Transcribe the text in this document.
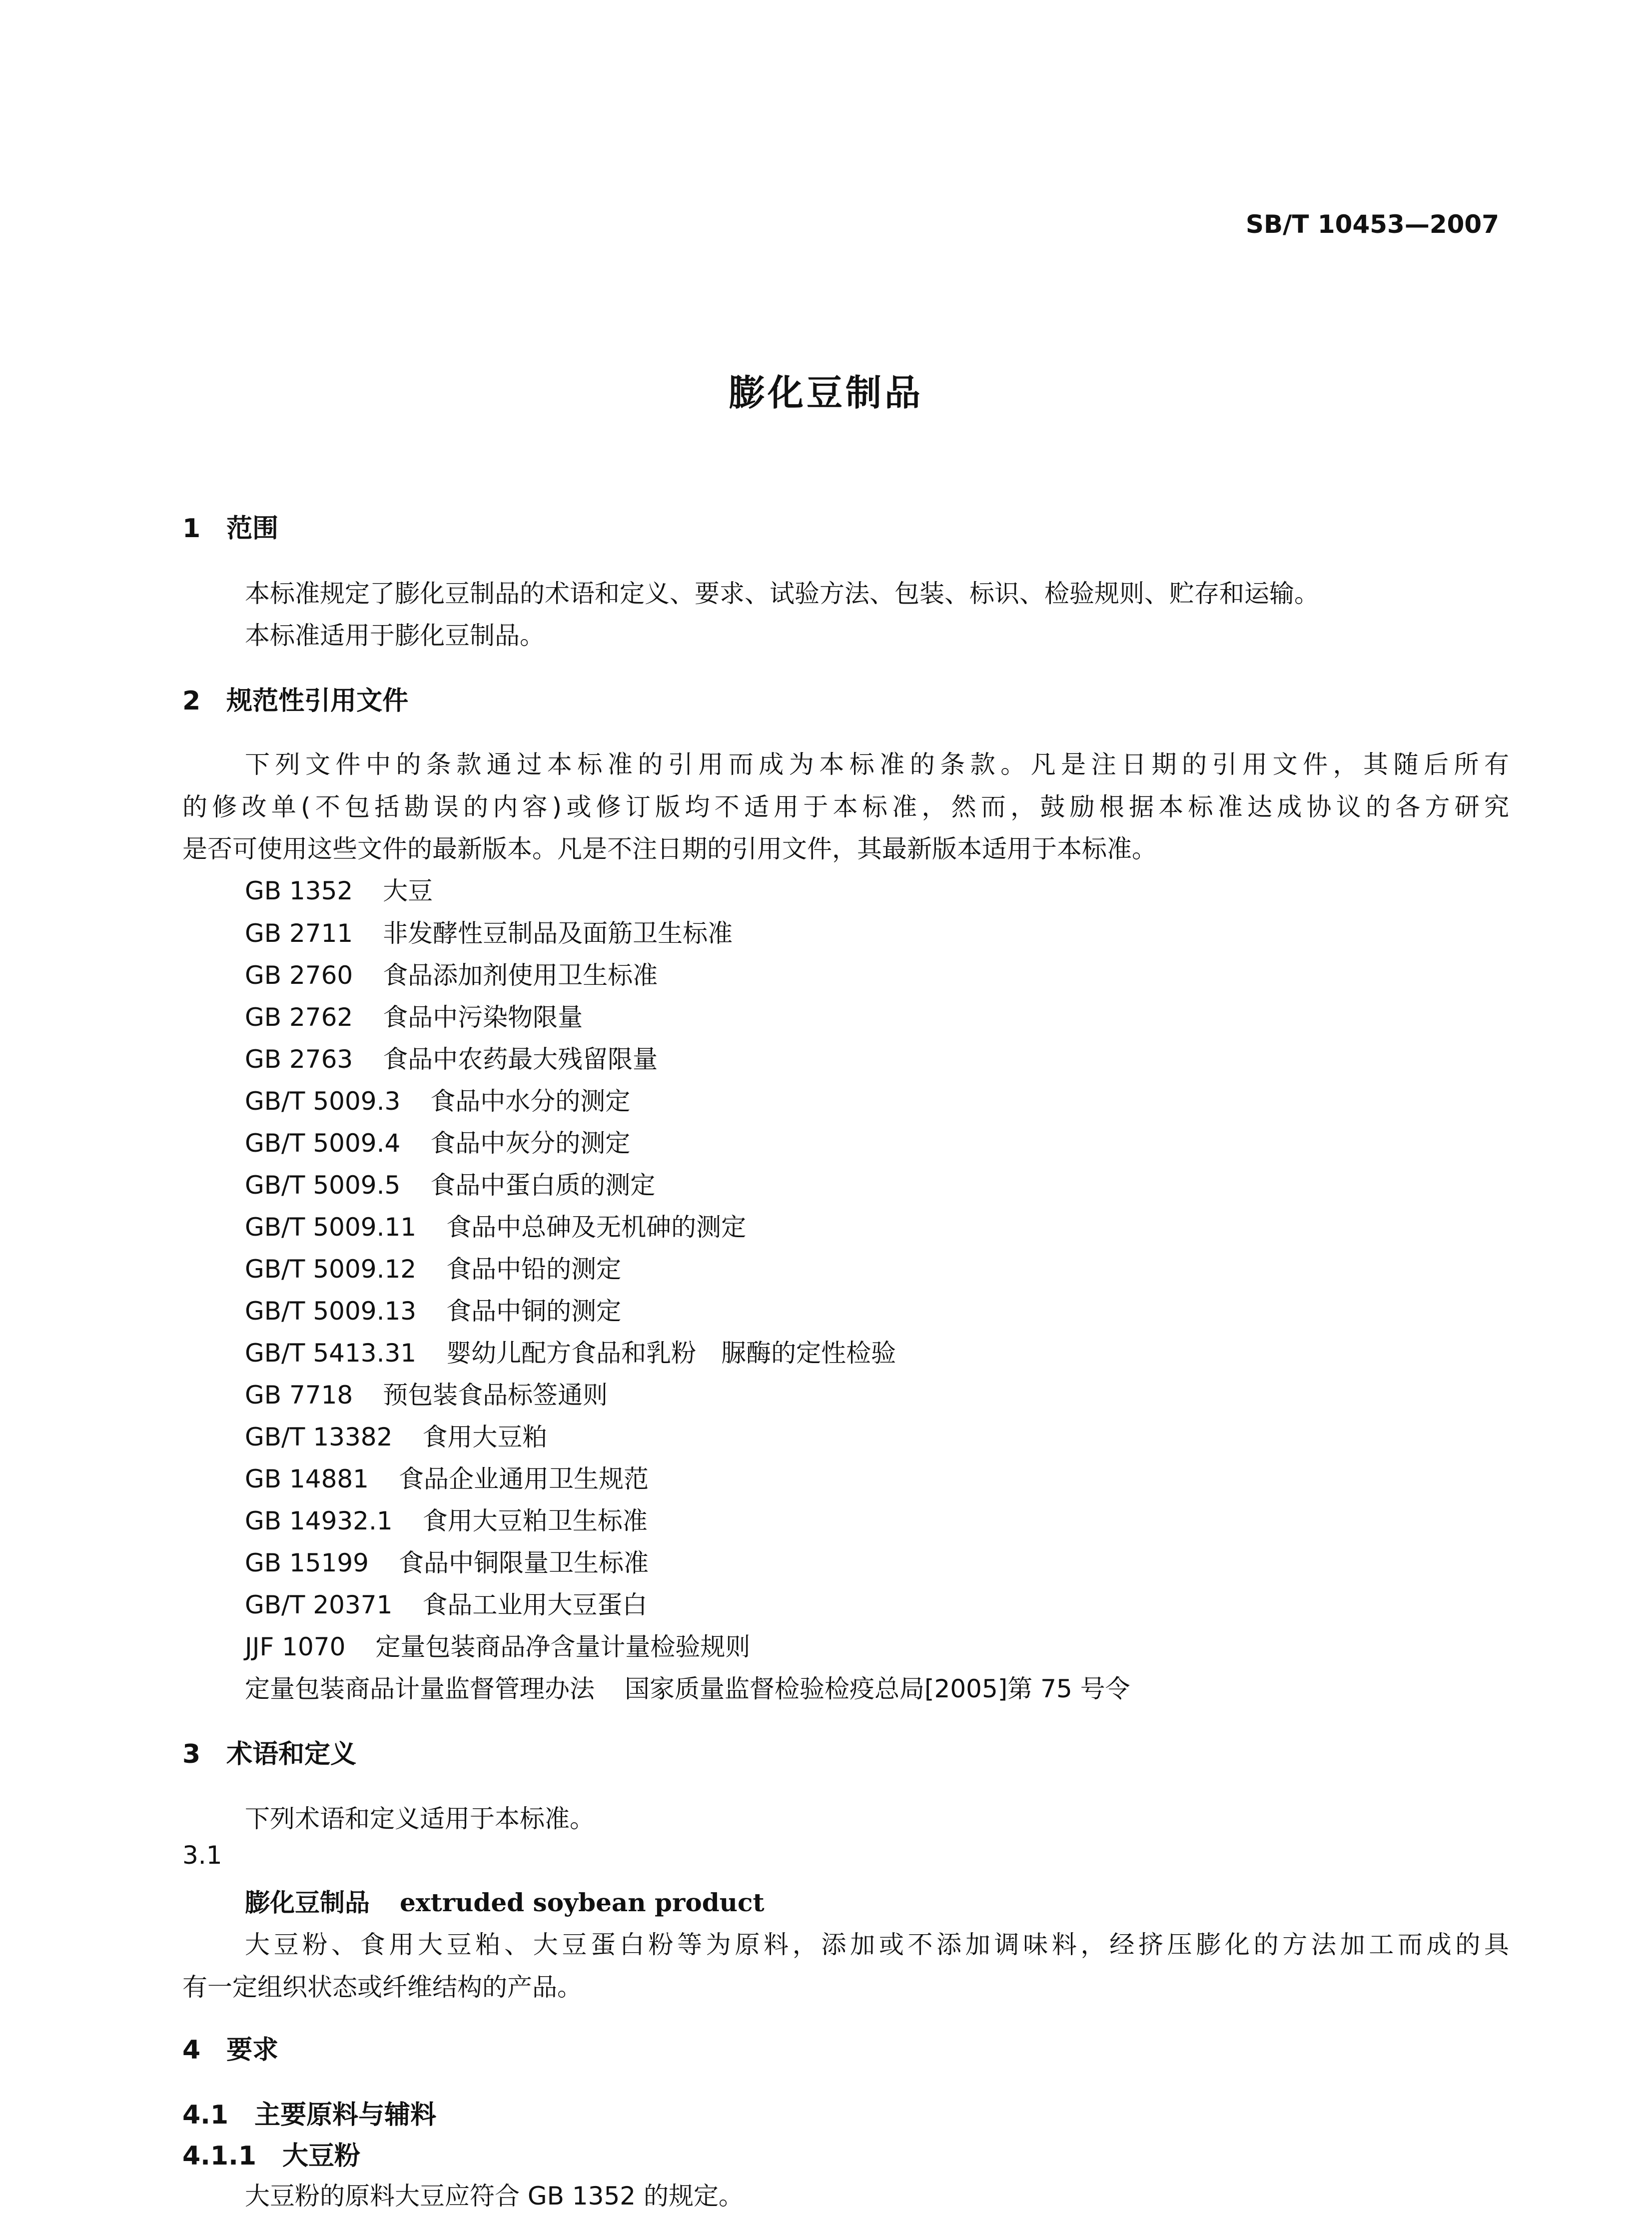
SB/T 10453—2007
膨化豆制品
1　范围
本标准规定了膨化豆制品的术语和定义、要求、试验方法、包装、标识、检验规则、贮存和运输。
本标准适用于膨化豆制品。
2　规范性引用文件
下列文件中的条款通过本标准的引用而成为本标准的条款。凡是注日期的引用文件，其随后所有
的修改单(不包括勘误的内容)或修订版均不适用于本标准，然而，鼓励根据本标准达成协议的各方研究
是否可使用这些文件的最新版本。凡是不注日期的引用文件，其最新版本适用于本标准。
GB 1352 大豆
GB 2711 非发酵性豆制品及面筋卫生标准
GB 2760 食品添加剂使用卫生标准
GB 2762 食品中污染物限量
GB 2763 食品中农药最大残留限量
GB/T 5009.3 食品中水分的测定
GB/T 5009.4 食品中灰分的测定
GB/T 5009.5 食品中蛋白质的测定
GB/T 5009.11 食品中总砷及无机砷的测定
GB/T 5009.12 食品中铅的测定
GB/T 5009.13 食品中铜的测定
GB/T 5413.31 婴幼儿配方食品和乳粉　脲酶的定性检验
GB 7718 预包装食品标签通则
GB/T 13382 食用大豆粕
GB 14881 食品企业通用卫生规范
GB 14932.1 食用大豆粕卫生标准
GB 15199 食品中铜限量卫生标准
GB/T 20371 食品工业用大豆蛋白
JJF 1070 定量包装商品净含量计量检验规则
定量包装商品计量监督管理办法 国家质量监督检验检疫总局[2005]第 75 号令
3　术语和定义
下列术语和定义适用于本标准。
3.1
膨化豆制品 extruded soybean product
大豆粉、食用大豆粕、大豆蛋白粉等为原料，添加或不添加调味料，经挤压膨化的方法加工而成的具
有一定组织状态或纤维结构的产品。
4　要求
4.1　主要原料与辅料
4.1.1　大豆粉
大豆粉的原料大豆应符合 GB 1352 的规定。
